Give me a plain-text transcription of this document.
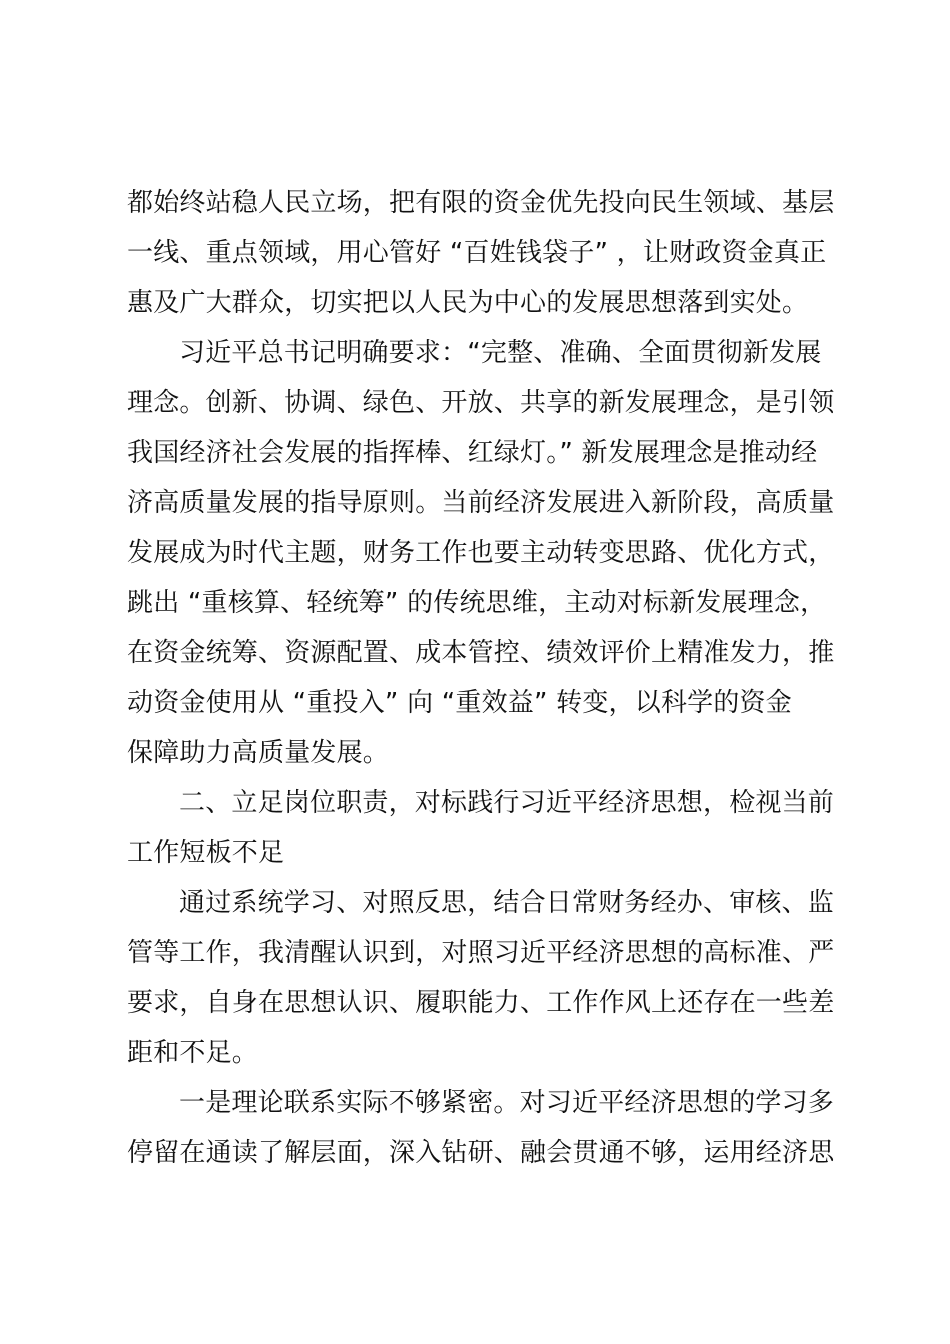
都始终站稳人民立场，把有限的资金优先投向民生领域、基层
一线、重点领域，用心管好 “百姓钱袋子” ，让财政资金真正
惠及广大群众，切实把以人民为中心的发展思想落到实处。
习近平总书记明确要求：“完整、准确、全面贯彻新发展
理念。创新、协调、绿色、开放、共享的新发展理念，是引领
我国经济社会发展的指挥棒、红绿灯。” 新发展理念是推动经
济高质量发展的指导原则。当前经济发展进入新阶段，高质量
发展成为时代主题，财务工作也要主动转变思路、优化方式，
跳出 “重核算、轻统筹” 的传统思维，主动对标新发展理念，
在资金统筹、资源配置、成本管控、绩效评价上精准发力，推
动资金使用从 “重投入” 向 “重效益” 转变，以科学的资金
保障助力高质量发展。
二、立足岗位职责，对标践行习近平经济思想，检视当前
工作短板不足
通过系统学习、对照反思，结合日常财务经办、审核、监
管等工作，我清醒认识到，对照习近平经济思想的高标准、严
要求，自身在思想认识、履职能力、工作作风上还存在一些差
距和不足。
一是理论联系实际不够紧密。对习近平经济思想的学习多
停留在通读了解层面，深入钻研、融会贯通不够，运用经济思
